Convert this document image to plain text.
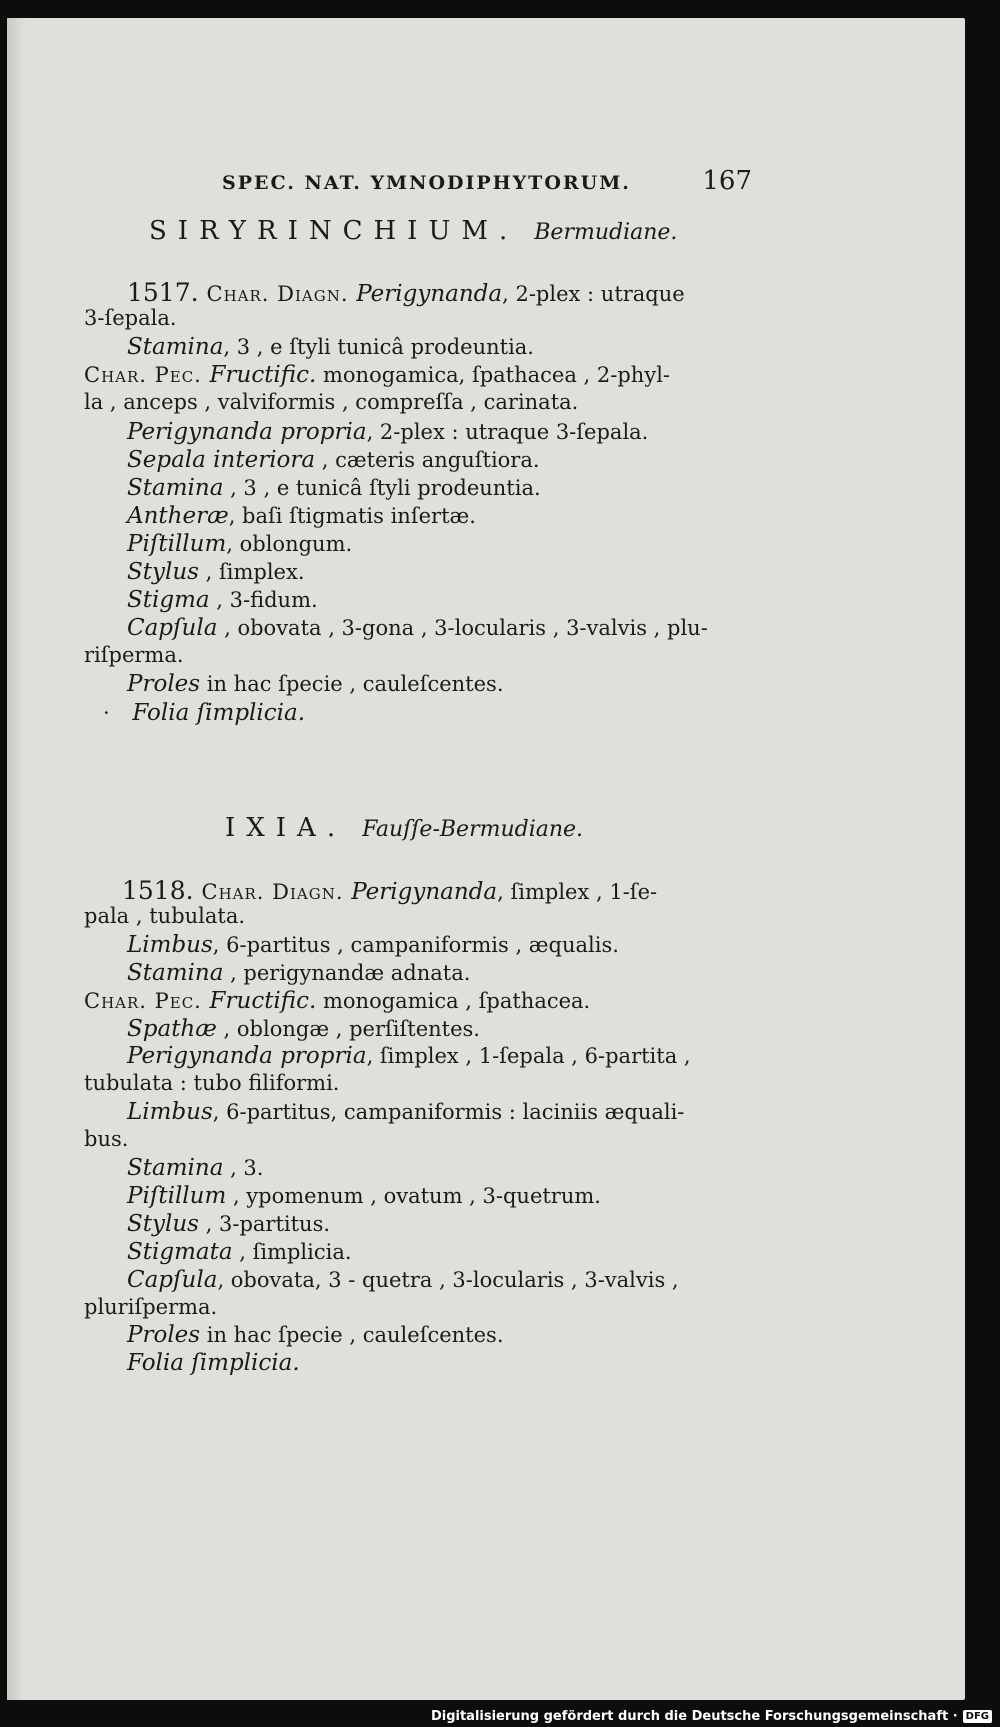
SPEC. NAT. YMNODIPHYTORUM.	167
SIRYRINCHIUM. Bermudiane.
1517. Char. Diagn. Perigynanda, 2-plex : utraque
3-ſepala.
Stamina, 3 , e ſtyli tunicâ prodeuntia.
Char. Pec. Fructific. monogamica, ſpathacea , 2-phyl-
la , anceps , valviformis , compreſſa , carinata.
Perigynanda propria, 2-plex : utraque 3-ſepala.
Sepala interiora , cæteris anguſtiora.
Stamina , 3 , e tunicâ ſtyli prodeuntia.
Antheræ, baſi ſtigmatis inſertæ.
Piſtillum, oblongum.
Stylus , ſimplex.
Stigma , 3-fidum.
Capſula , obovata , 3-gona , 3-locularis , 3-valvis , plu-
riſperma.
Proles in hac ſpecie , cauleſcentes.
· Folia ſimplicia.
IXIA. Fauſſe-Bermudiane.
1518. Char. Diagn. Perigynanda, ſimplex , 1-ſe-
pala , tubulata.
Limbus, 6-partitus , campaniformis , æqualis.
Stamina , perigynandæ adnata.
Char. Pec. Fructific. monogamica , ſpathacea.
Spathæ , oblongæ , perſiſtentes.
Perigynanda propria, ſimplex , 1-ſepala , 6-partita ,
tubulata : tubo filiformi.
Limbus, 6-partitus, campaniformis : laciniis æquali-
bus.
Stamina , 3.
Piſtillum , ypomenum , ovatum , 3-quetrum.
Stylus , 3-partitus.
Stigmata , ſimplicia.
Capſula, obovata, 3 - quetra , 3-locularis , 3-valvis ,
pluriſperma.
Proles in hac ſpecie , cauleſcentes.
Folia ſimplicia.
Digitalisierung gefördert durch die Deutsche Forschungsgemeinschaft · DFG
